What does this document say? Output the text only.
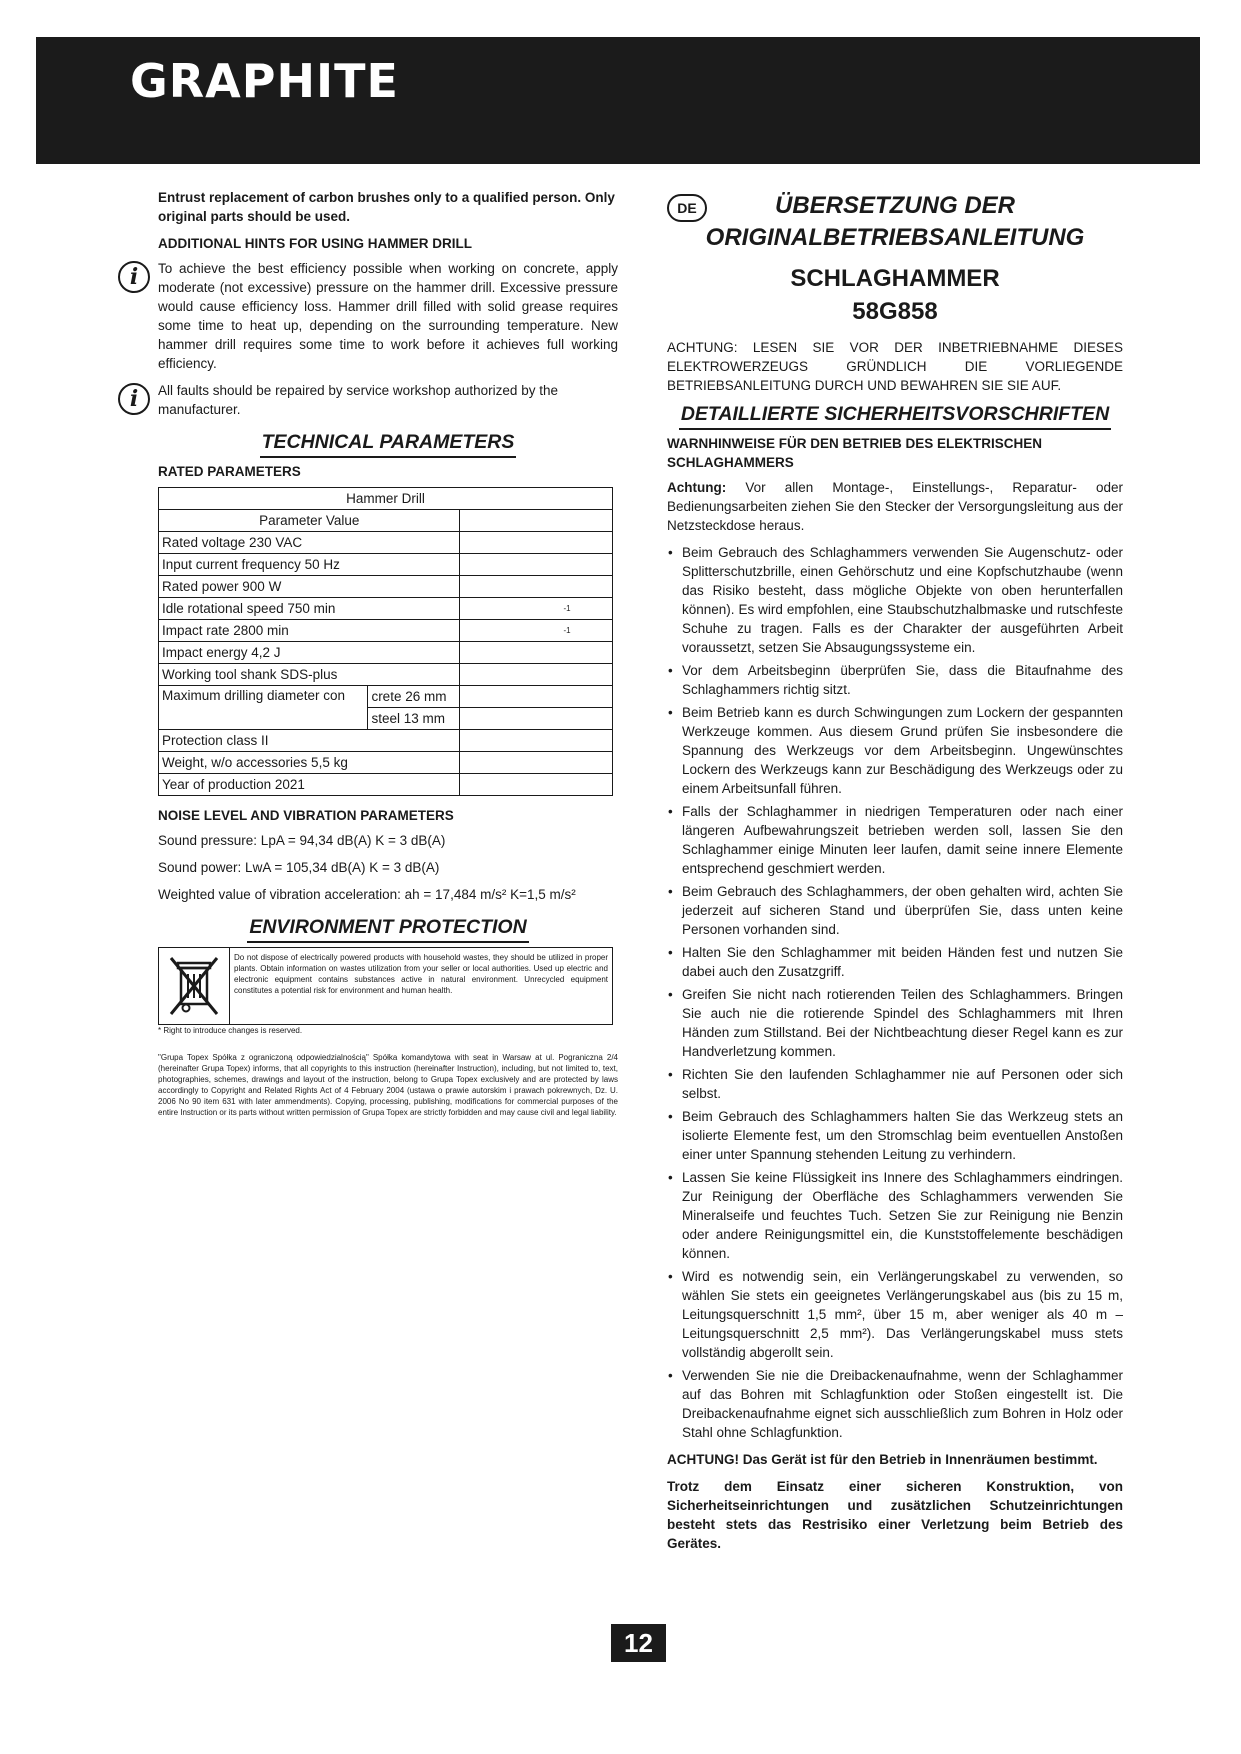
GRAPHITE

Entrust replacement of carbon brushes only to a qualified person. Only original parts should be used.

ADDITIONAL HINTS FOR USING HAMMER DRILL

i	To achieve the best efficiency possible when working on concrete, apply moderate (not excessive) pressure on the hammer drill. Excessive pressure would cause efficiency loss. Hammer drill filled with solid grease requires some time to heat up, depending on the surrounding temperature. New hammer drill requires some time to work before it achieves full working efficiency.

i	All faults should be repaired by service workshop authorized by the manufacturer.

TECHNICAL PARAMETERS
RATED PARAMETERS
Hammer Drill		
Parameter Value		
Rated voltage 230 VAC		
Input current frequency 50 Hz		
Rated power 900 W		
Idle rotational speed 750 min		$^{-1}$
Impact rate 2800 min		$^{-1}$
Impact energy 4,2 J		
Working tool shank SDS-plus		
Maximum drilling diameter con	crete 26 mm	
	steel 13 mm	
Protection class II		
Weight, w/o accessories 5,5 kg		
Year of production 2021		
NOISE LEVEL AND VIBRATION PARAMETERS

Sound pressure: LpA = 94,34 dB(A) K = 3 dB(A)

Sound power: LwA = 105,34 dB(A) K = 3 dB(A)

Weighted value of vibration acceleration: ah = 17,484 m/s² K=1,5 m/s²

ENVIRONMENT PROTECTION
Do not dispose of electrically powered products with household wastes, they should be utilized in proper plants. Obtain information on wastes utilization from your seller or local authorities. Used up electric and electronic equipment contains substances active in natural environment. Unrecycled equipment constitutes a potential risk for environment and human health.
* Right to introduce changes is reserved.
"Grupa Topex Spółka z ograniczoną odpowiedzialnością" Spółka komandytowa with seat in Warsaw at ul. Pograniczna 2/4 (hereinafter Grupa Topex) informs, that all copyrights to this instruction (hereinafter Instruction), including, but not limited to, text, photographies, schemes, drawings and layout of the instruction, belong to Grupa Topex exclusively and are protected by laws accordingly to Copyright and Related Rights Act of 4 February 2004 (ustawa o prawie autorskim i prawach pokrewnych, Dz. U. 2006 No 90 item 631 with later ammendments). Copying, processing, publishing, modifications for commercial purposes of the entire Instruction or its parts without written permission of Grupa Topex are strictly forbidden and may cause civil and legal liability.
DE	ÜBERSETZUNG DER
ORIGINALBETRIEBSANLEITUNG
SCHLAGHAMMER
58G858

ACHTUNG: LESEN SIE VOR DER INBETRIEBNAHME DIESES ELEKTROWERZEUGS GRÜNDLICH DIE VORLIEGENDE BETRIEBSANLEITUNG DURCH UND BEWAHREN SIE SIE AUF.

DETAILLIERTE SICHERHEITSVORSCHRIFTEN
WARNHINWEISE FÜR DEN BETRIEB DES ELEKTRISCHEN SCHLAGHAMMERS

Achtung: Vor allen Montage-, Einstellungs-, Reparatur- oder Bedienungsarbeiten ziehen Sie den Stecker der Versorgungsleitung aus der Netzsteckdose heraus.

• Beim Gebrauch des Schlaghammers verwenden Sie Augenschutz- oder Splitterschutzbrille, einen Gehörschutz und eine Kopfschutzhaube (wenn das Risiko besteht, dass mögliche Objekte von oben herunterfallen können). Es wird empfohlen, eine Staubschutzhalbmaske und rutschfeste Schuhe zu tragen. Falls es der Charakter der ausgeführten Arbeit voraussetzt, setzen Sie Absaugungssysteme ein.
• Vor dem Arbeitsbeginn überprüfen Sie, dass die Bitaufnahme des Schlaghammers richtig sitzt.
• Beim Betrieb kann es durch Schwingungen zum Lockern der gespannten Werkzeuge kommen. Aus diesem Grund prüfen Sie insbesondere die Spannung des Werkzeugs vor dem Arbeitsbeginn. Ungewünschtes Lockern des Werkzeugs kann zur Beschädigung des Werkzeugs oder zu einem Arbeitsunfall führen.
• Falls der Schlaghammer in niedrigen Temperaturen oder nach einer längeren Aufbewahrungszeit betrieben werden soll, lassen Sie den Schlaghammer einige Minuten leer laufen, damit seine innere Elemente entsprechend geschmiert werden.
• Beim Gebrauch des Schlaghammers, der oben gehalten wird, achten Sie jederzeit auf sicheren Stand und überprüfen Sie, dass unten keine Personen vorhanden sind.
• Halten Sie den Schlaghammer mit beiden Händen fest und nutzen Sie dabei auch den Zusatzgriff.
• Greifen Sie nicht nach rotierenden Teilen des Schlaghammers. Bringen Sie auch nie die rotierende Spindel des Schlaghammers mit Ihren Händen zum Stillstand. Bei der Nichtbeachtung dieser Regel kann es zur Handverletzung kommen.
• Richten Sie den laufenden Schlaghammer nie auf Personen oder sich selbst.
• Beim Gebrauch des Schlaghammers halten Sie das Werkzeug stets an isolierte Elemente fest, um den Stromschlag beim eventuellen Anstoßen einer unter Spannung stehenden Leitung zu verhindern.
• Lassen Sie keine Flüssigkeit ins Innere des Schlaghammers eindringen. Zur Reinigung der Oberfläche des Schlaghammers verwenden Sie Mineralseife und feuchtes Tuch. Setzen Sie zur Reinigung nie Benzin oder andere Reinigungsmittel ein, die Kunststoffelemente beschädigen können.
• Wird es notwendig sein, ein Verlängerungskabel zu verwenden, so wählen Sie stets ein geeignetes Verlängerungskabel aus (bis zu 15 m, Leitungsquerschnitt 1,5 mm², über 15 m, aber weniger als 40 m – Leitungsquerschnitt 2,5 mm²). Das Verlängerungskabel muss stets vollständig abgerollt sein.
• Verwenden Sie nie die Dreibackenaufnahme, wenn der Schlaghammer auf das Bohren mit Schlagfunktion oder Stoßen eingestellt ist. Die Dreibackenaufnahme eignet sich ausschließlich zum Bohren in Holz oder Stahl ohne Schlagfunktion.

ACHTUNG! Das Gerät ist für den Betrieb in Innenräumen bestimmt.

Trotz dem Einsatz einer sicheren Konstruktion, von Sicherheitseinrichtungen und zusätzlichen Schutzeinrichtungen besteht stets das Restrisiko einer Verletzung beim Betrieb des Gerätes.

12
